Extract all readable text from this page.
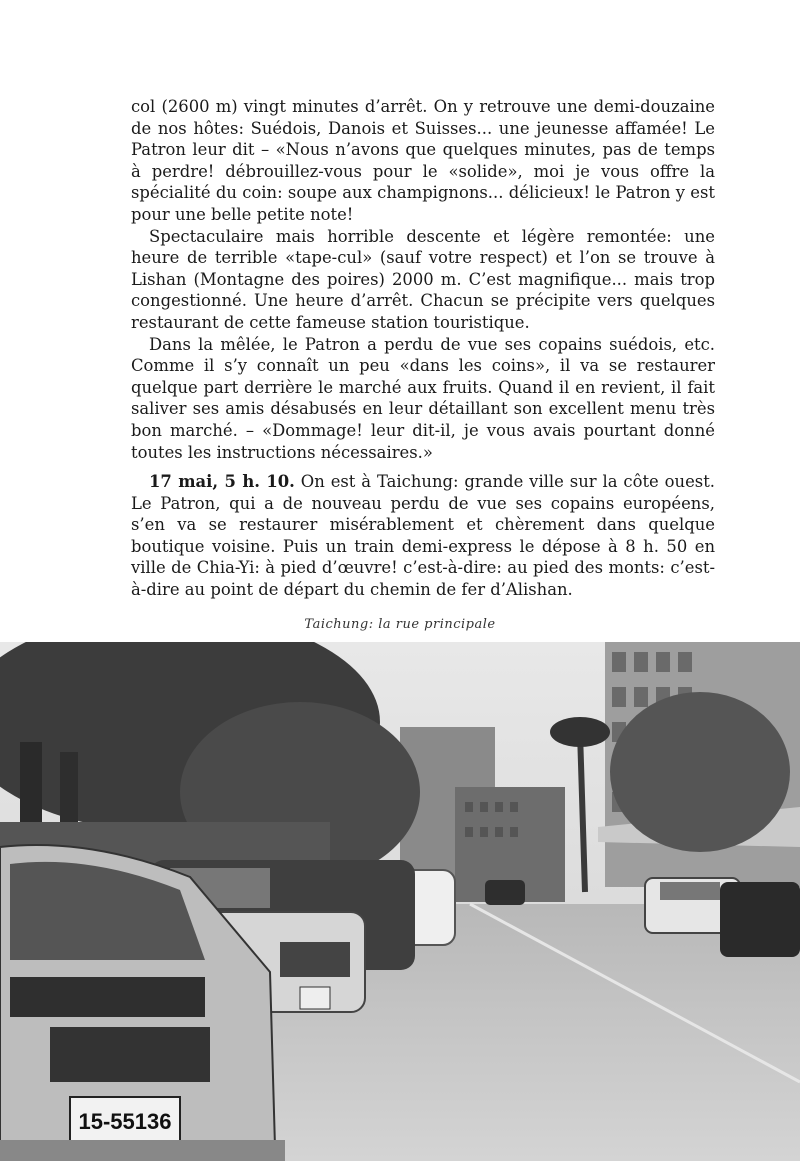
col (2600 m) vingt minutes d’arrêt. On y retrouve une demi-douzaine de nos hôtes: Suédois, Danois et Suisses... une jeunesse affamée! Le Patron leur dit – «Nous n’avons que quelques minutes, pas de temps à perdre! débrouillez-vous pour le «solide», moi je vous offre la spécialité du coin: soupe aux champignons... délicieux! le Patron y est pour une belle petite note!

Spectaculaire mais horrible descente et légère remontée: une heure de terrible «tape-cul» (sauf votre respect) et l’on se trouve à Lishan (Montagne des poires) 2000 m. C’est magnifique... mais trop congestionné. Une heure d’arrêt. Chacun se précipite vers quelques restaurant de cette fameuse station touristique.

Dans la mêlée, le Patron a perdu de vue ses copains suédois, etc. Comme il s’y connaît un peu «dans les coins», il va se restaurer quelque part derrière le marché aux fruits. Quand il en revient, il fait saliver ses amis désabusés en leur détaillant son excellent menu très bon marché. – «Dommage! leur dit-il, je vous avais pourtant donné toutes les instructions nécessaires.»

17 mai, 5 h. 10. On est à Taichung: grande ville sur la côte ouest. Le Patron, qui a de nouveau perdu de vue ses copains européens, s’en va se restaurer misérablement et chèrement dans quelque boutique voisine. Puis un train demi-express le dépose à 8 h. 50 en ville de Chia-Yi: à pied d’œuvre! c’est-à-dire: au pied des monts: c’est-à-dire au point de départ du chemin de fer d’Alishan.

Taichung: la rue principale
15-55136
